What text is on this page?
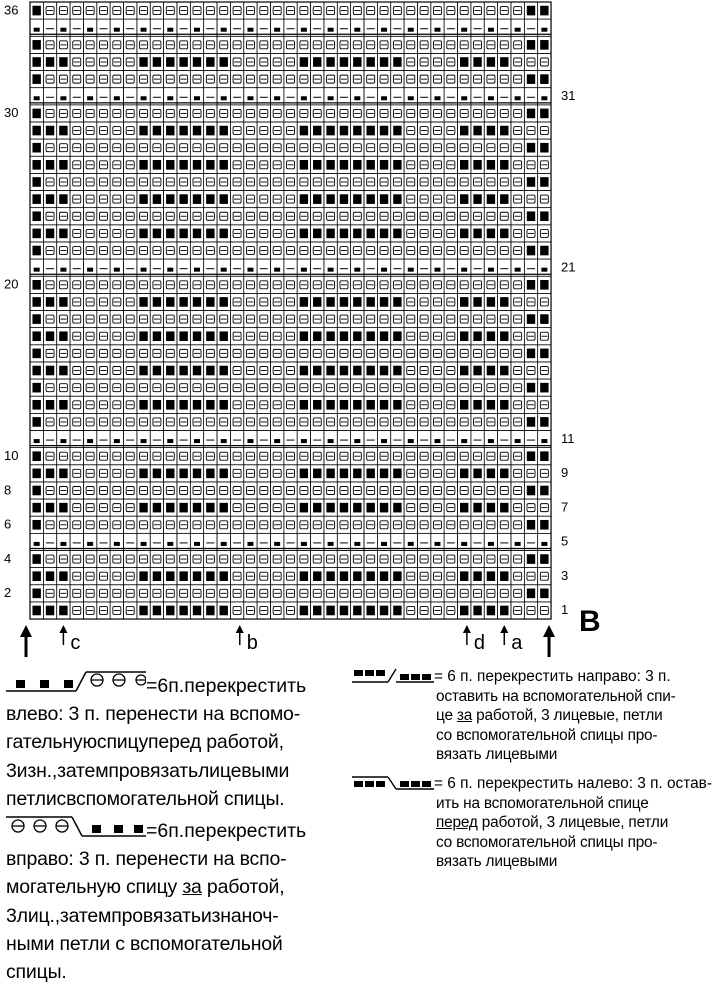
2
4
6
8
10
20
30
36
1
3
5
7
9
11
21
31
B
c	b	d a
=6п.перекрестить
влево: 3 п. перенести на вспомо-
гательнуюспицуперед работой,
3изн.,затемпровязатьлицевыми
петлисвспомогательной спицы.
=6п.перекрестить
вправо: 3 п. перенести на вспо-
могательную спицу за работой,
3лиц.,затемпровязатьизнаноч-
ными петли с вспомогательной
спицы.
= 6 п. перекрестить направо: 3 п.
оставить на вспомогательной спи-
це за работой, 3 лицевые, петли
со вспомогательной спицы про-
вязать лицевыми
= 6 п. перекрестить налево: 3 п. остав-
ить на вспомогательной спице
перед работой, 3 лицевые, петли
со вспомогательной спицы про-
вязать лицевыми
